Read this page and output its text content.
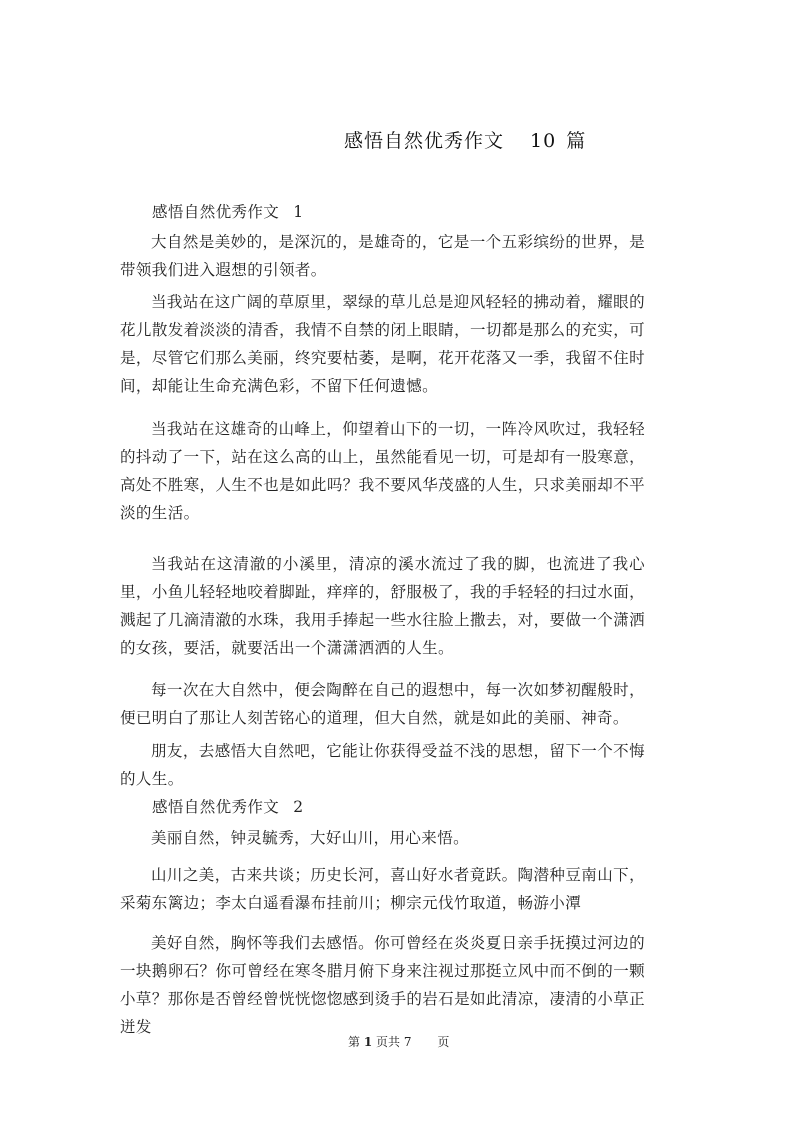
感悟自然优秀作文 10 篇
感悟自然优秀作文 1

大自然是美妙的，是深沉的，是雄奇的，它是一个五彩缤纷的世界，是带领我们进入遐想的引领者。

当我站在这广阔的草原里，翠绿的草儿总是迎风轻轻的拂动着，耀眼的花儿散发着淡淡的清香，我情不自禁的闭上眼睛，一切都是那么的充实，可是，尽管它们那么美丽，终究要枯萎，是啊，花开花落又一季，我留不住时间，却能让生命充满色彩，不留下任何遗憾。

当我站在这雄奇的山峰上，仰望着山下的一切，一阵冷风吹过，我轻轻的抖动了一下，站在这么高的山上，虽然能看见一切，可是却有一股寒意，高处不胜寒，人生不也是如此吗？我不要风华茂盛的人生，只求美丽却不平淡的生活。

当我站在这清澈的小溪里，清凉的溪水流过了我的脚，也流进了我心里，小鱼儿轻轻地咬着脚趾，痒痒的，舒服极了，我的手轻轻的扫过水面，溅起了几滴清澈的水珠，我用手捧起一些水往脸上撒去，对，要做一个潇洒的女孩，要活，就要活出一个潇潇洒洒的人生。

每一次在大自然中，便会陶醉在自己的遐想中，每一次如梦初醒般时，便已明白了那让人刻苦铭心的道理，但大自然，就是如此的美丽、神奇。

朋友，去感悟大自然吧，它能让你获得受益不浅的思想，留下一个不悔的人生。

感悟自然优秀作文 2

美丽自然，钟灵毓秀，大好山川，用心来悟。

山川之美，古来共谈；历史长河，喜山好水者竟跃。陶潜种豆南山下，采菊东篱边；李太白遥看瀑布挂前川；柳宗元伐竹取道，畅游小潭

美好自然，胸怀等我们去感悟。你可曾经在炎炎夏日亲手抚摸过河边的一块鹅卵石？你可曾经在寒冬腊月俯下身来注视过那挺立风中而不倒的一颗小草？那你是否曾经曾恍恍惚惚感到烫手的岩石是如此清凉，凄清的小草正迸发

第 1 页共 7 页
